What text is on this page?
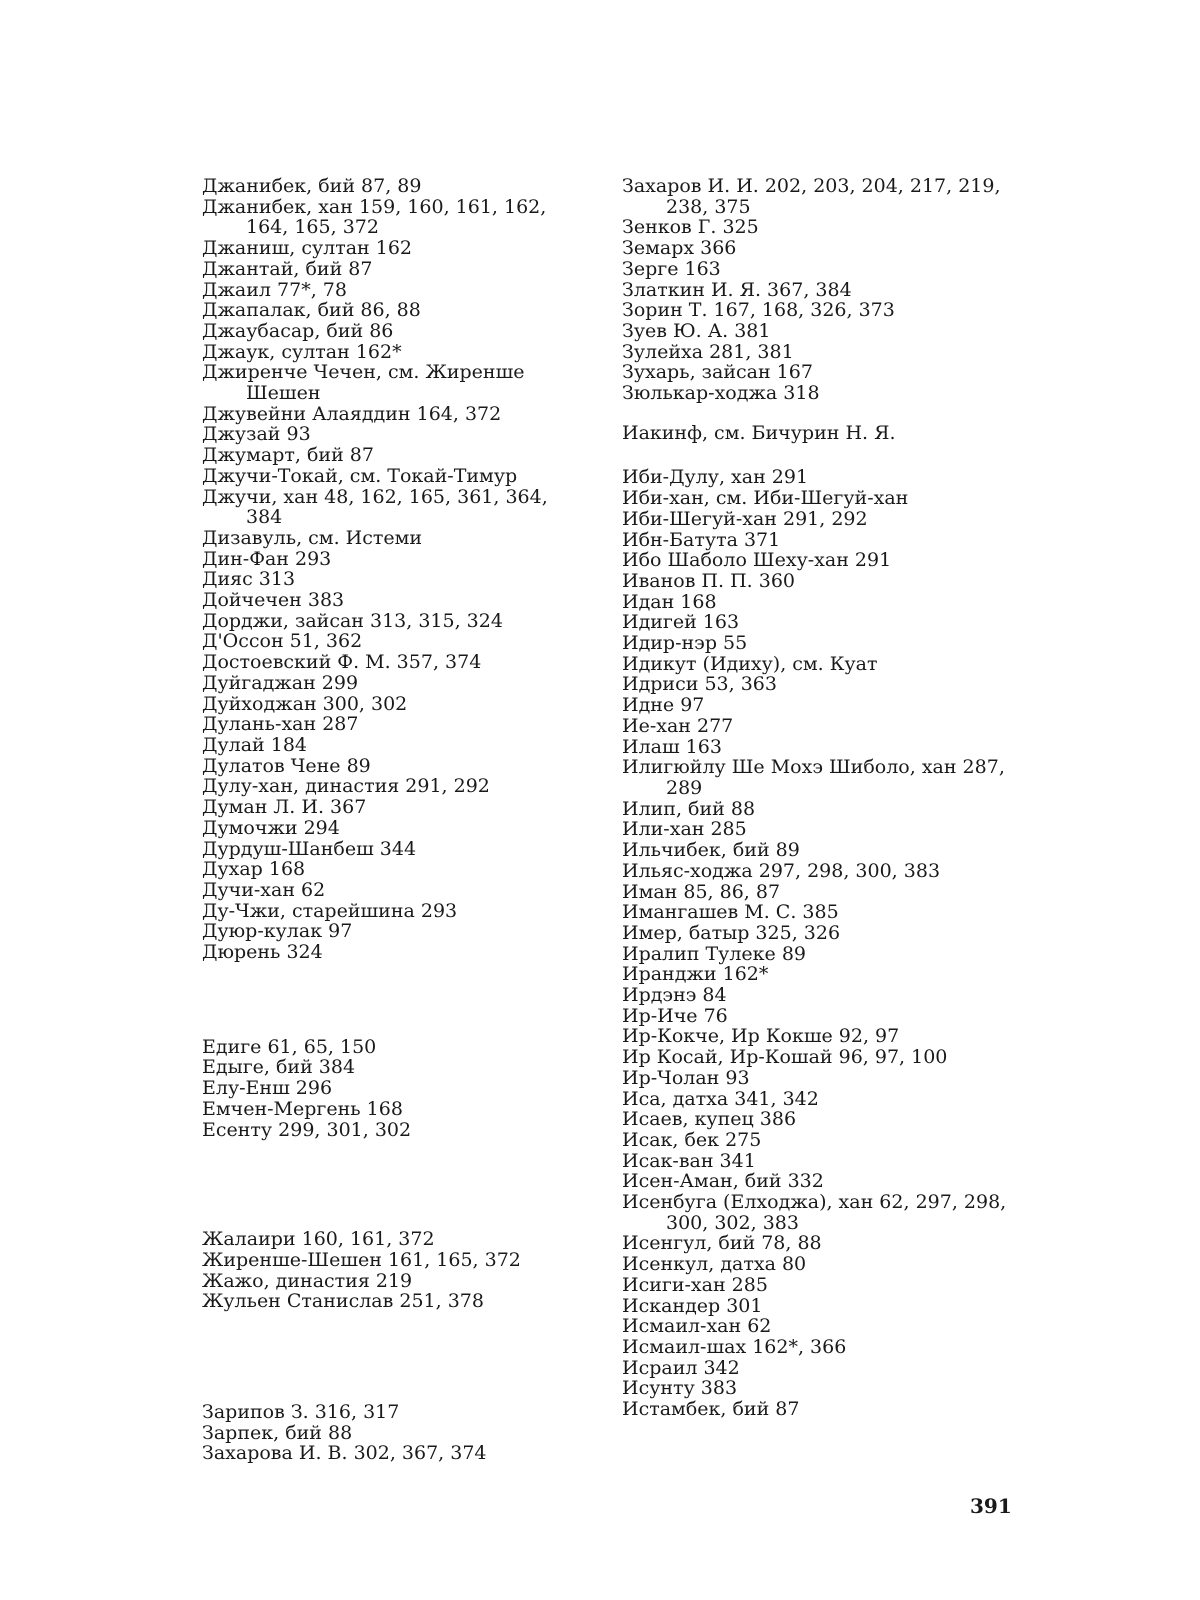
Джанибек, бий 87, 89
Джанибек, хан 159, 160, 161, 162, 164, 165, 372
Джаниш, султан 162
Джантай, бий 87
Джаил 77*, 78
Джапалак, бий 86, 88
Джаубасар, бий 86
Джаук, султан 162*
Джиренче Чечен, см. Жиренше Шешен
Джувейни Алаяддин 164, 372
Джузай 93
Джумарт, бий 87
Джучи-Токай, см. Токай-Тимур
Джучи, хан 48, 162, 165, 361, 364, 384
Дизавуль, см. Истеми
Дин-Фан 293
Дияс 313
Дойчечен 383
Дорджи, зайсан 313, 315, 324
Д'Оссон 51, 362
Достоевский Ф. М. 357, 374
Дуйгаджан 299
Дуйходжан 300, 302
Дулань-хан 287
Дулай 184
Дулатов Чене 89
Дулу-хан, династия 291, 292
Думан Л. И. 367
Думочжи 294
Дурдуш-Шанбеш 344
Духар 168
Дучи-хан 62
Ду-Чжи, старейшина 293
Дуюр-кулак 97
Дюрень 324
Едиге 61, 65, 150
Едыге, бий 384
Елу-Енш 296
Емчен-Мергень 168
Есенту 299, 301, 302
Жалаири 160, 161, 372
Жиренше-Шешен 161, 165, 372
Жажо, династия 219
Жульен Станислав 251, 378
Зарипов З. 316, 317
Зарпек, бий 88
Захарова И. В. 302, 367, 374
Захаров И. И. 202, 203, 204, 217, 219, 238, 375
Зенков Г. 325
Земарх 366
Зерге 163
Златкин И. Я. 367, 384
Зорин Т. 167, 168, 326, 373
Зуев Ю. А. 381
Зулейха 281, 381
Зухарь, зайсан 167
Зюлькар-ходжа 318
Иакинф, см. Бичурин Н. Я.
Иби-Дулу, хан 291
Иби-хан, см. Иби-Шегуй-хан
Иби-Шегуй-хан 291, 292
Ибн-Батута 371
Ибо Шаболо Шеху-хан 291
Иванов П. П. 360
Идан 168
Идигей 163
Идир-нэр 55
Идикут (Идиху), см. Куат
Идриси 53, 363
Идне 97
Ие-хан 277
Илаш 163
Илигюйлу Ше Мохэ Шиболо, хан 287, 289
Илип, бий 88
Или-хан 285
Ильчибек, бий 89
Ильяс-ходжа 297, 298, 300, 383
Иман 85, 86, 87
Имангашев М. С. 385
Имер, батыр 325, 326
Иралип Тулеке 89
Иранджи 162*
Ирдэнэ 84
Ир-Иче 76
Ир-Кокче, Ир Кокше 92, 97
Ир Косай, Ир-Кошай 96, 97, 100
Ир-Чолан 93
Иса, датха 341, 342
Исаев, купец 386
Исак, бек 275
Исак-ван 341
Исен-Аман, бий 332
Исенбуга (Елходжа), хан 62, 297, 298, 300, 302, 383
Исенгул, бий 78, 88
Исенкул, датха 80
Исиги-хан 285
Искандер 301
Исмаил-хан 62
Исмаил-шах 162*, 366
Исраил 342
Исунту 383
Истамбек, бий 87
391
